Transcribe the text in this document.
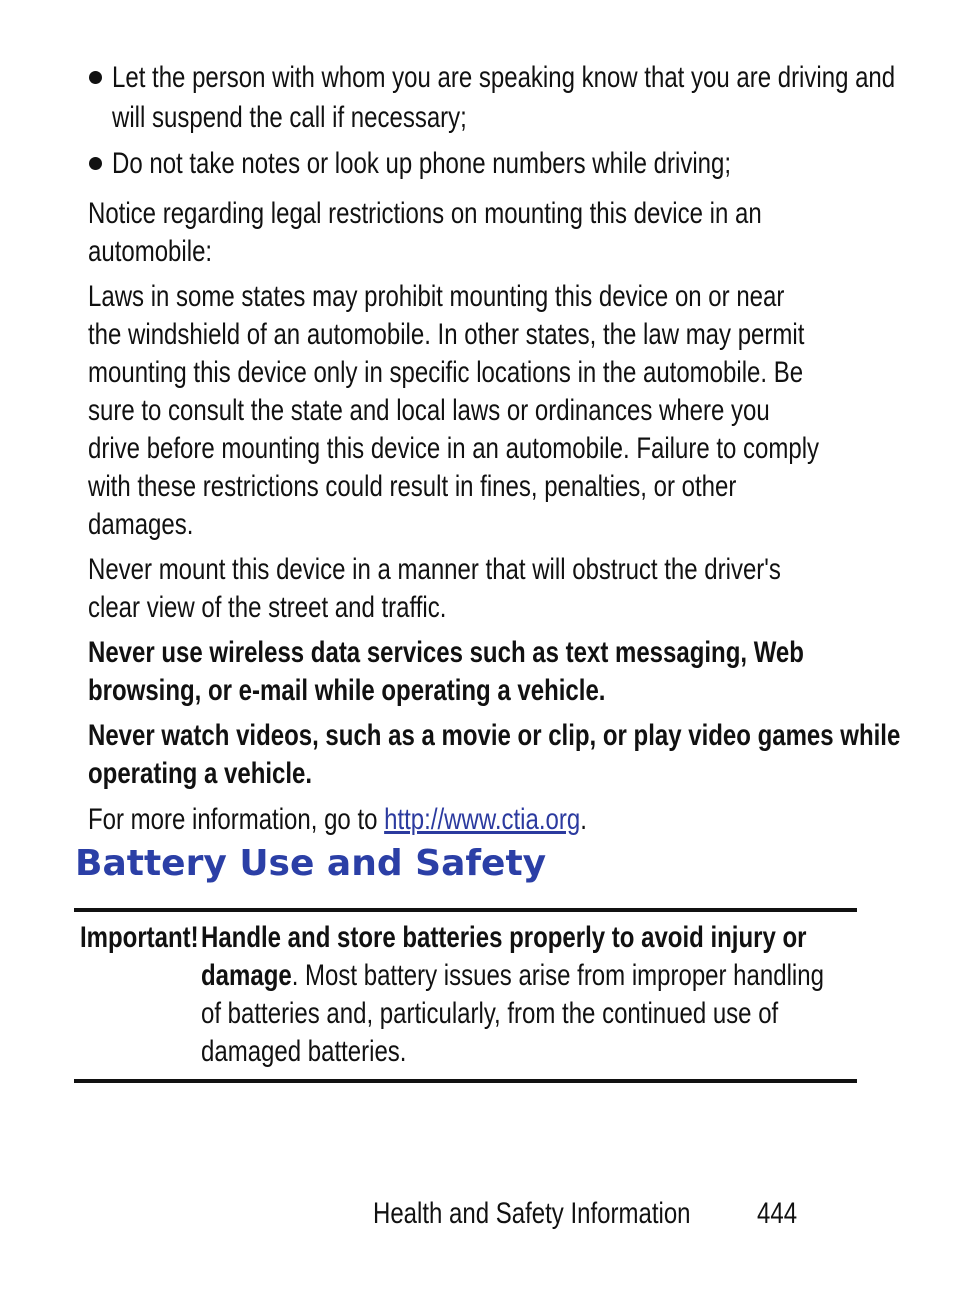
Let the person with whom you are speaking know that you are driving and
will suspend the call if necessary;
Do not take notes or look up phone numbers while driving;

Notice regarding legal restrictions on mounting this device in an
automobile:

Laws in some states may prohibit mounting this device on or near
the windshield of an automobile. In other states, the law may permit
mounting this device only in specific locations in the automobile. Be
sure to consult the state and local laws or ordinances where you
drive before mounting this device in an automobile. Failure to comply
with these restrictions could result in fines, penalties, or other
damages.

Never mount this device in a manner that will obstruct the driver's
clear view of the street and traffic.

Never use wireless data services such as text messaging, Web
browsing, or e-mail while operating a vehicle.

Never watch videos, such as a movie or clip, or play video games while
operating a vehicle.

For more information, go to http://www.ctia.org.

Battery Use and Safety
Important! Handle and store batteries properly to avoid injury or
damage. Most battery issues arise from improper handling
of batteries and, particularly, from the continued use of
damaged batteries.
Health and Safety Information	444
